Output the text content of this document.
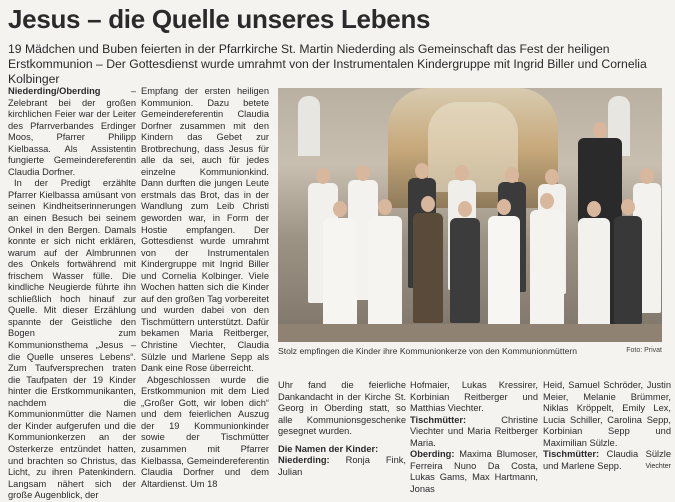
Jesus – die Quelle unseres Lebens
19 Mädchen und Buben feierten in der Pfarrkirche St. Martin Niederding als Gemeinschaft das Fest der heiligen Erstkommunion – Der Gottesdienst wurde umrahmt von der Instrumentalen Kindergruppe mit Ingrid Biller und Cornelia Kolbinger

Niederding/Oberding – Zelebrant bei der großen kirchlichen Feier war der Leiter des Pfarrverbandes Erdinger Moos, Pfarrer Philipp Kielbassa. Als Assistentin fungierte Gemeindereferentin Claudia Dorfner.

In der Predigt erzählte Pfarrer Kielbassa amüsant von seinen Kindheitserinnerungen an einen Besuch bei seinem Onkel in den Bergen. Damals konnte er sich nicht erklären, warum auf der Almbrunnen des Onkels fortwährend mit frischem Wasser fülle. Die kindliche Neugierde führte ihn schließlich hoch hinauf zur Quelle. Mit dieser Erzählung spannte der Geistliche den Bogen zum Kommunionsthema „Jesus – die Quelle unseres Lebens“. Zum Taufversprechen traten die Taufpaten der 19 Kinder hinter die Erstkommunikanten, nachdem die Kommunionmütter die Namen der Kinder aufgerufen und die Kommunionkerzen an der Osterkerze entzündet hatten, und brachten so Christus, das Licht, zu ihren Patenkindern. Langsam nähert sich der große Augenblick, der

Empfang der ersten heiligen Kommunion. Dazu betete Gemeindereferentin Claudia Dorfner zusammen mit den Kindern das Gebet zur Brotbrechung, dass Jesus für alle da sei, auch für jedes einzelne Kommunionkind. Dann durften die jungen Leute erstmals das Brot, das in der Wandlung zum Leib Christi geworden war, in Form der Hostie empfangen. Der Gottesdienst wurde umrahmt von der Instrumentalen Kindergruppe mit Ingrid Biller und Cornelia Kolbinger. Viele Wochen hatten sich die Kinder auf den großen Tag vorbereitet und wurden dabei von den Tischmüttern unterstützt. Dafür bekamen Maria Reitberger, Christine Viechter, Claudia Sülzle und Marlene Sepp als Dank eine Rose überreicht.

Abgeschlossen wurde die Erstkommunion mit dem Lied „Großer Gott, wir loben dich“ und dem feierlichen Auszug der 19 Kommunionkinder sowie der Tischmütter zusammen mit Pfarrer Kielbassa, Gemeindereferentin Claudia Dorfner und dem Altardienst. Um 18

Stolz empfingen die Kinder ihre Kommunionkerze von den Kommunionmüttern	Foto: Privat

Uhr fand die feierliche Dankandacht in der Kirche St. Georg in Oberding statt, so alle Kommunionsgeschenke gesegnet wurden.

Die Namen der Kinder:

Niederding: Ronja Fink, Julian

Hofmaier, Lukas Kressirer, Korbinian Reitberger und Matthias Viechter.

Tischmütter: Christine Viechter und Maria Reitberger Maria.

Oberding: Maxima Blumoser, Ferreira Nuno Da Costa, Lukas Gams, Max Hartmann, Jonas

Heid, Samuel Schröder, Justin Meier, Melanie Brümmer, Niklas Kröppelt, Emily Lex, Lucia Schiller, Carolina Sepp, Korbinian Sepp und Maximilian Sülzle.

Tischmütter: Claudia Sülzle und Marlene Sepp.	Viechter
